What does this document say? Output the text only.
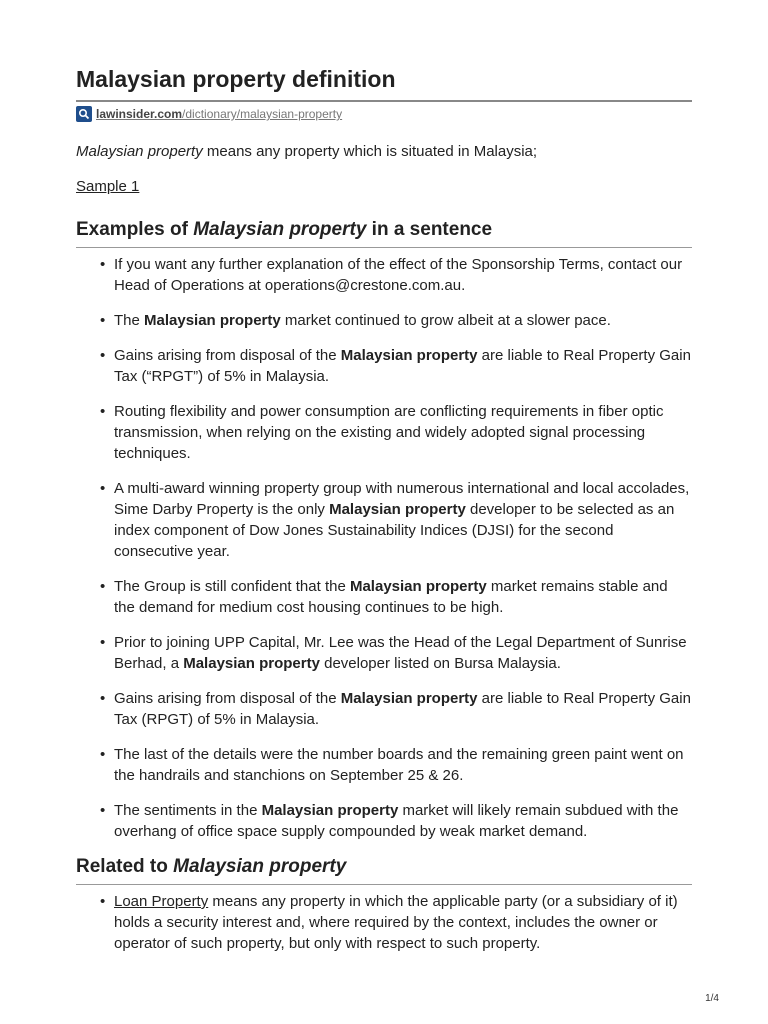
Malaysian property definition
lawinsider.com/dictionary/malaysian-property

Malaysian property means any property which is situated in Malaysia;

Sample 1
Examples of Malaysian property in a sentence
• If you want any further explanation of the effect of the Sponsorship Terms, contact our Head of Operations at operations@crestone.com.au.
• The Malaysian property market continued to grow albeit at a slower pace.
• Gains arising from disposal of the Malaysian property are liable to Real Property Gain Tax (“RPGT”) of 5% in Malaysia.
• Routing flexibility and power consumption are conflicting requirements in fiber optic transmission, when relying on the existing and widely adopted signal processing techniques.
• A multi-award winning property group with numerous international and local accolades, Sime Darby Property is the only Malaysian property developer to be selected as an index component of Dow Jones Sustainability Indices (DJSI) for the second consecutive year.
• The Group is still confident that the Malaysian property market remains stable and the demand for medium cost housing continues to be high.
• Prior to joining UPP Capital, Mr. Lee was the Head of the Legal Department of Sunrise Berhad, a Malaysian property developer listed on Bursa Malaysia.
• Gains arising from disposal of the Malaysian property are liable to Real Property Gain Tax (RPGT) of 5% in Malaysia.
• The last of the details were the number boards and the remaining green paint went on the handrails and stanchions on September 25 & 26.
• The sentiments in the Malaysian property market will likely remain subdued with the overhang of office space supply compounded by weak market demand.
Related to Malaysian property
• Loan Property means any property in which the applicable party (or a subsidiary of it) holds a security interest and, where required by the context, includes the owner or operator of such property, but only with respect to such property.
1/4
